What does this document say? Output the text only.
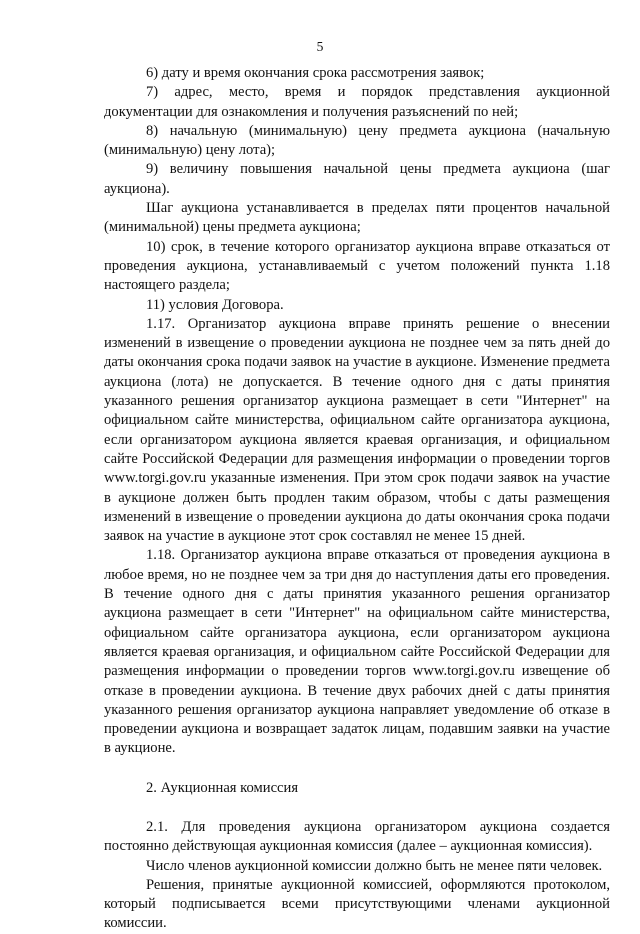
5

6) дату и время окончания срока рассмотрения заявок;

7) адрес, место, время и порядок представления аукционной документации для ознакомления и получения разъяснений по ней;

8) начальную (минимальную) цену предмета аукциона (начальную (минимальную) цену лота);

9) величину повышения начальной цены предмета аукциона (шаг аукциона).

Шаг аукциона устанавливается в пределах пяти процентов начальной (минимальной) цены предмета аукциона;

10) срок, в течение которого организатор аукциона вправе отказаться от проведения аукциона, устанавливаемый с учетом положений пункта 1.18 настоящего раздела;

11) условия Договора.

1.17. Организатор аукциона вправе принять решение о внесении изменений в извещение о проведении аукциона не позднее чем за пять дней до даты окончания срока подачи заявок на участие в аукционе. Изменение предмета аукциона (лота) не допускается. В течение одного дня с даты принятия указанного решения организатор аукциона размещает в сети "Интернет" на официальном сайте министерства, официальном сайте организатора аукциона, если организатором аукциона является краевая организация, и официальном сайте Российской Федерации для размещения информации о проведении торгов www.torgi.gov.ru указанные изменения. При этом срок подачи заявок на участие в аукционе должен быть продлен таким образом, чтобы с даты размещения изменений в извещение о проведении аукциона до даты окончания срока подачи заявок на участие в аукционе этот срок составлял не менее 15 дней.

1.18. Организатор аукциона вправе отказаться от проведения аукциона в любое время, но не позднее чем за три дня до наступления даты его проведения. В течение одного дня с даты принятия указанного решения организатор аукциона размещает в сети "Интернет" на официальном сайте министерства, официальном сайте организатора аукциона, если организатором аукциона является краевая организация, и официальном сайте Российской Федерации для размещения информации о проведении торгов www.torgi.gov.ru извещение об отказе в проведении аукциона. В течение двух рабочих дней с даты принятия указанного решения организатор аукциона направляет уведомление об отказе в проведении аукциона и возвращает задаток лицам, подавшим заявки на участие в аукционе.

2. Аукционная комиссия

2.1. Для проведения аукциона организатором аукциона создается постоянно действующая аукционная комиссия (далее – аукционная комиссия).

Число членов аукционной комиссии должно быть не менее пяти человек.

Решения, принятые аукционной комиссией, оформляются протоколом, который подписывается всеми присутствующими членами аукционной комиссии.
